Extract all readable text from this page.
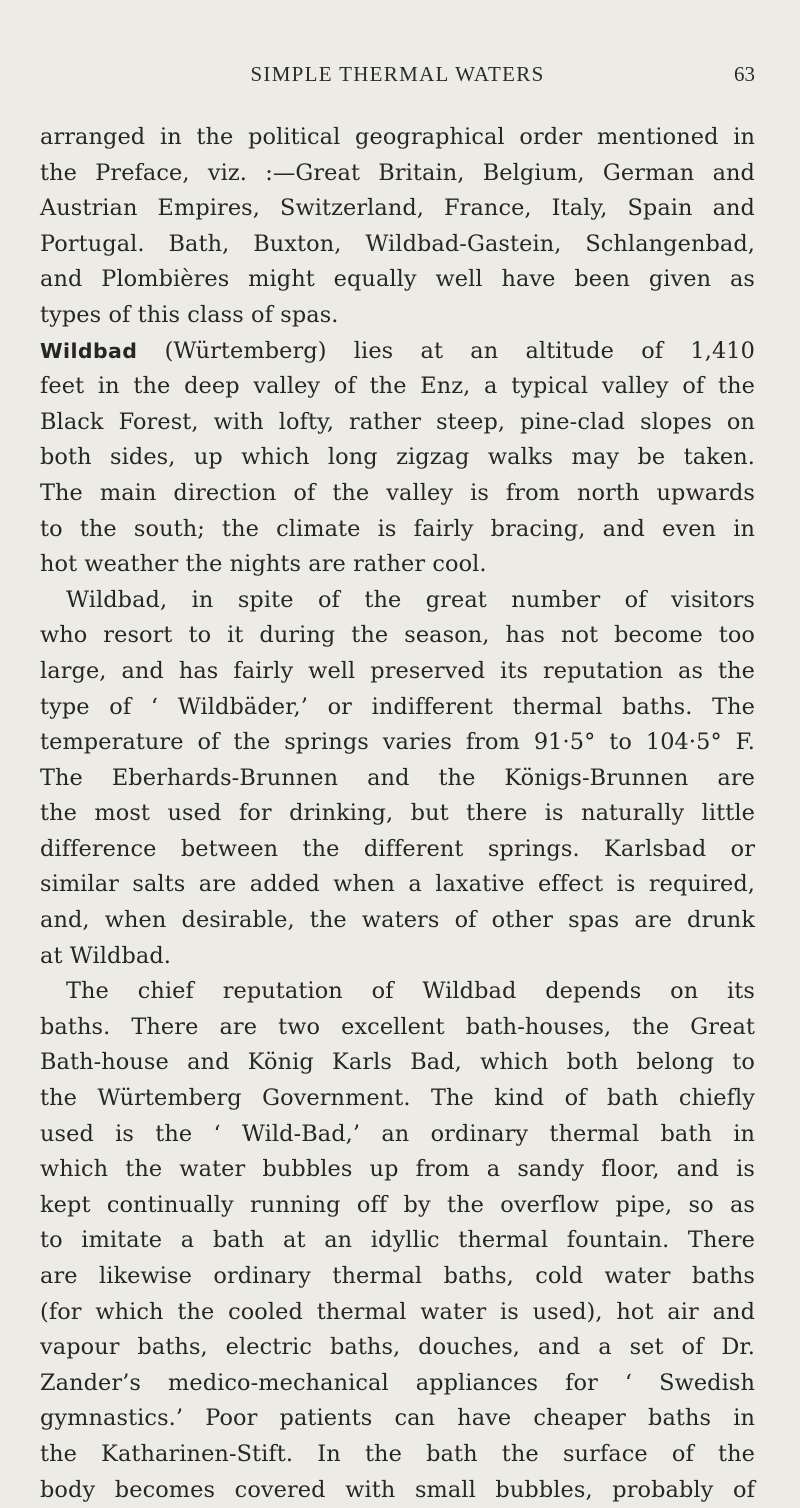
SIMPLE THERMAL WATERS	63
arranged in the political geographical order mentioned in
the Preface, viz. :—Great Britain, Belgium, German and
Austrian Empires, Switzerland, France, Italy, Spain and
Portugal. Bath, Buxton, Wildbad-Gastein, Schlangenbad,
and Plombières might equally well have been given as
types of this class of spas.
Wildbad (Würtemberg) lies at an altitude of 1,410
feet in the deep valley of the Enz, a typical valley of the
Black Forest, with lofty, rather steep, pine-clad slopes on
both sides, up which long zigzag walks may be taken.
The main direction of the valley is from north upwards
to the south; the climate is fairly bracing, and even in
hot weather the nights are rather cool.
Wildbad, in spite of the great number of visitors
who resort to it during the season, has not become too
large, and has fairly well preserved its reputation as the
type of ‘ Wildbäder,’ or indifferent thermal baths. The
temperature of the springs varies from 91·5° to 104·5° F.
The Eberhards-Brunnen and the Königs-Brunnen are
the most used for drinking, but there is naturally little
difference between the different springs. Karlsbad or
similar salts are added when a laxative effect is required,
and, when desirable, the waters of other spas are drunk
at Wildbad.
The chief reputation of Wildbad depends on its
baths. There are two excellent bath-houses, the Great
Bath-house and König Karls Bad, which both belong to
the Würtemberg Government. The kind of bath chiefly
used is the ‘ Wild-Bad,’ an ordinary thermal bath in
which the water bubbles up from a sandy floor, and is
kept continually running off by the overflow pipe, so as
to imitate a bath at an idyllic thermal fountain. There
are likewise ordinary thermal baths, cold water baths
(for which the cooled thermal water is used), hot air and
vapour baths, electric baths, douches, and a set of Dr.
Zander’s medico-mechanical appliances for ‘ Swedish
gymnastics.’ Poor patients can have cheaper baths in
the Katharinen-Stift. In the bath the surface of the
body becomes covered with small bubbles, probably of
